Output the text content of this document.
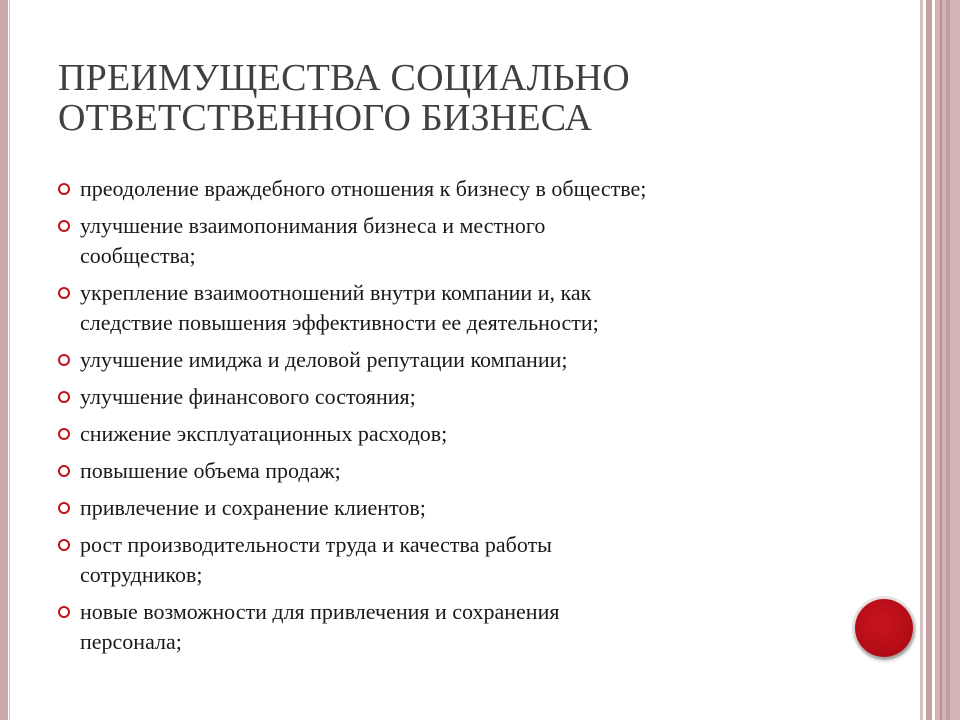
ПРЕИМУЩЕСТВА СОЦИАЛЬНО
ОТВЕТСТВЕННОГО БИЗНЕСА
преодоление враждебного отношения к бизнесу в обществе;
улучшение взаимопонимания бизнеса и местного
сообщества;
укрепление взаимоотношений внутри компании и, как
следствие повышения эффективности ее деятельности;
улучшение имиджа и деловой репутации компании;
улучшение финансового состояния;
снижение эксплуатационных расходов;
повышение объема продаж;
привлечение и сохранение клиентов;
рост производительности труда и качества работы
сотрудников;
новые возможности для привлечения и сохранения
персонала;
